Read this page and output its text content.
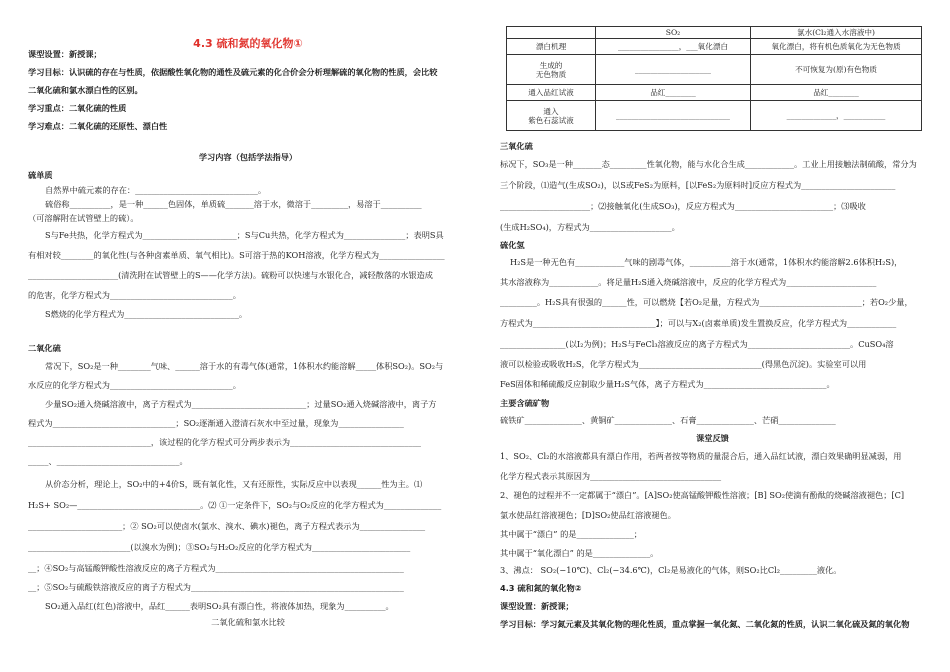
4.3 硫和氮的氧化物①
课型设置：新授课；
学习目标：认识硫的存在与性质，依据酸性氧化物的通性及硫元素的化合价会分析理解硫的氧化物的性质，会比较
二氧化硫和氯水漂白性的区别。
学习重点：二氧化硫的性质
学习难点：二氧化硫的还原性、漂白性
学习内容（包括学法指导）
硫单质
自然界中硫元素的存在：______________________________。
硫俗称__________，是一种______色固体，单质硫_______溶于水，微溶于_________，易溶于__________
（可溶解附在试管壁上的硫）。
S与Fe共热，化学方程式为_______________________；S与Cu共热，化学方程式为_______________；表明S具
有相对较________的氧化性(与各种卤素单质、氧气相比)。S可溶于热的KOH溶液，化学方程式为________________
______________________(清洗附在试管壁上的S——化学方法)。硫粉可以快速与水银化合，减轻散落的水银造成
的危害，化学方程式为______________________________。
S燃烧的化学方程式为____________________________。
二氧化硫
常况下，SO₂是一种________气味、______溶于水的有毒气体(通常，1体积水约能溶解_____体积SO₂)。SO₂与
水反应的化学方程式为______________________________。
少量SO₂通入烧碱溶液中，离子方程式为____________________________；过量SO₂通入烧碱溶液中，离子方
程式为______________________________；SO₂逐渐通入澄清石灰水中至过量，现象为________________
______________________________，该过程的化学方程式可分两步表示为________________________________
_____、______________________________。
从价态分析，理论上，SO₂中的+4价S，既有氧化性，又有还原性，实际反应中以表现______性为主。⑴
H₂S+ SO₂—______________________________。⑵ ①一定条件下，SO₂与O₂反应的化学方程式为______________
_______________________；② SO₂可以使卤水(氯水、溴水、碘水)褪色，离子方程式表示为________________
_________________________(以溴水为例)；③SO₂与H₂O₂反应的化学方程式为________________________
__；④SO₂与高锰酸钾酸性溶液反应的离子方程式为______________________________________________
__；⑤SO₂与硫酸铁溶液反应的离子方程式为____________________________________________________
SO₂通入品红(红色)溶液中，品红______表明SO₂具有漂白性，将液体加热，现象为__________。
二氧化硫和氯水比较
	SO₂	氯水(Cl₂通入水溶液中)
漂白机理	________________，___氧化漂白	氧化漂白，将有机色质氧化为无色物质
生成的
无色物质	____________________	不可恢复为(原)有色物质
通入品红试液	品红________	品红________
通入
紫色石蕊试液	______________________________	_____________，___________
三氧化硫
标况下，SO₃是一种_______态_________性氧化物，能与水化合生成____________。工业上用接触法制硫酸，常分为
三个阶段，⑴造气(生成SO₂)，以S或FeS₂为原料，[以FeS₂为原料时]反应方程式为_______________________
______________________；⑵接触氧化(生成SO₃)，反应方程式为________________________；⑶吸收
(生成H₂SO₄)，方程式为____________________。
硫化氢
H₂S是一种无色有____________气味的剧毒气体，__________溶于水(通常，1体积水约能溶解2.6体积H₂S)，
其水溶液称为____________。将足量H₂S通入烧碱溶液中，反应的化学方程式为______________________
_________。H₂S具有很强的______性，可以燃烧【若O₂足量，方程式为_________________________；若O₂少量，
方程式为______________________________】；可以与X₂(卤素单质)发生置换反应，化学方程式为____________
________________(以I₂为例)；H₂S与FeCl₃溶液反应的离子方程式为_________________________。CuSO₄溶
液可以检验或吸收H₂S，化学方程式为______________________________(得黑色沉淀)。实验室可以用
FeS固体和稀硫酸反应制取少量H₂S气体，离子方程式为______________________________。
主要含硫矿物
硫铁矿______________、黄铜矿______________、石膏______________、芒硝______________
课堂反馈
1、SO₂、Cl₂的水溶液都具有漂白作用，若两者按等物质的量混合后，通入品红试液，漂白效果确明显减弱，用
化学方程式表示其原因为________________________________
2、褪色的过程并不一定都属于“漂白”。[A]SO₂使高锰酸钾酸性溶液；[B] SO₂使滴有酚酞的烧碱溶液褪色；[C]
氯水使品红溶液褪色；[D]SO₂使品红溶液褪色。
其中属于“漂白” 的是______________；
其中属于“氧化漂白” 的是______________。
3、沸点： SO₂(−10℃)、Cl₂(−34.6℃)，Cl₂是易液化的气体，则SO₂比Cl₂_________液化。
4.3 硫和氮的氧化物②
课型设置：新授课；
学习目标：学习氮元素及其氧化物的理化性质，重点掌握一氧化氮、二氧化氮的性质，认识二氧化硫及氮的氧化物
